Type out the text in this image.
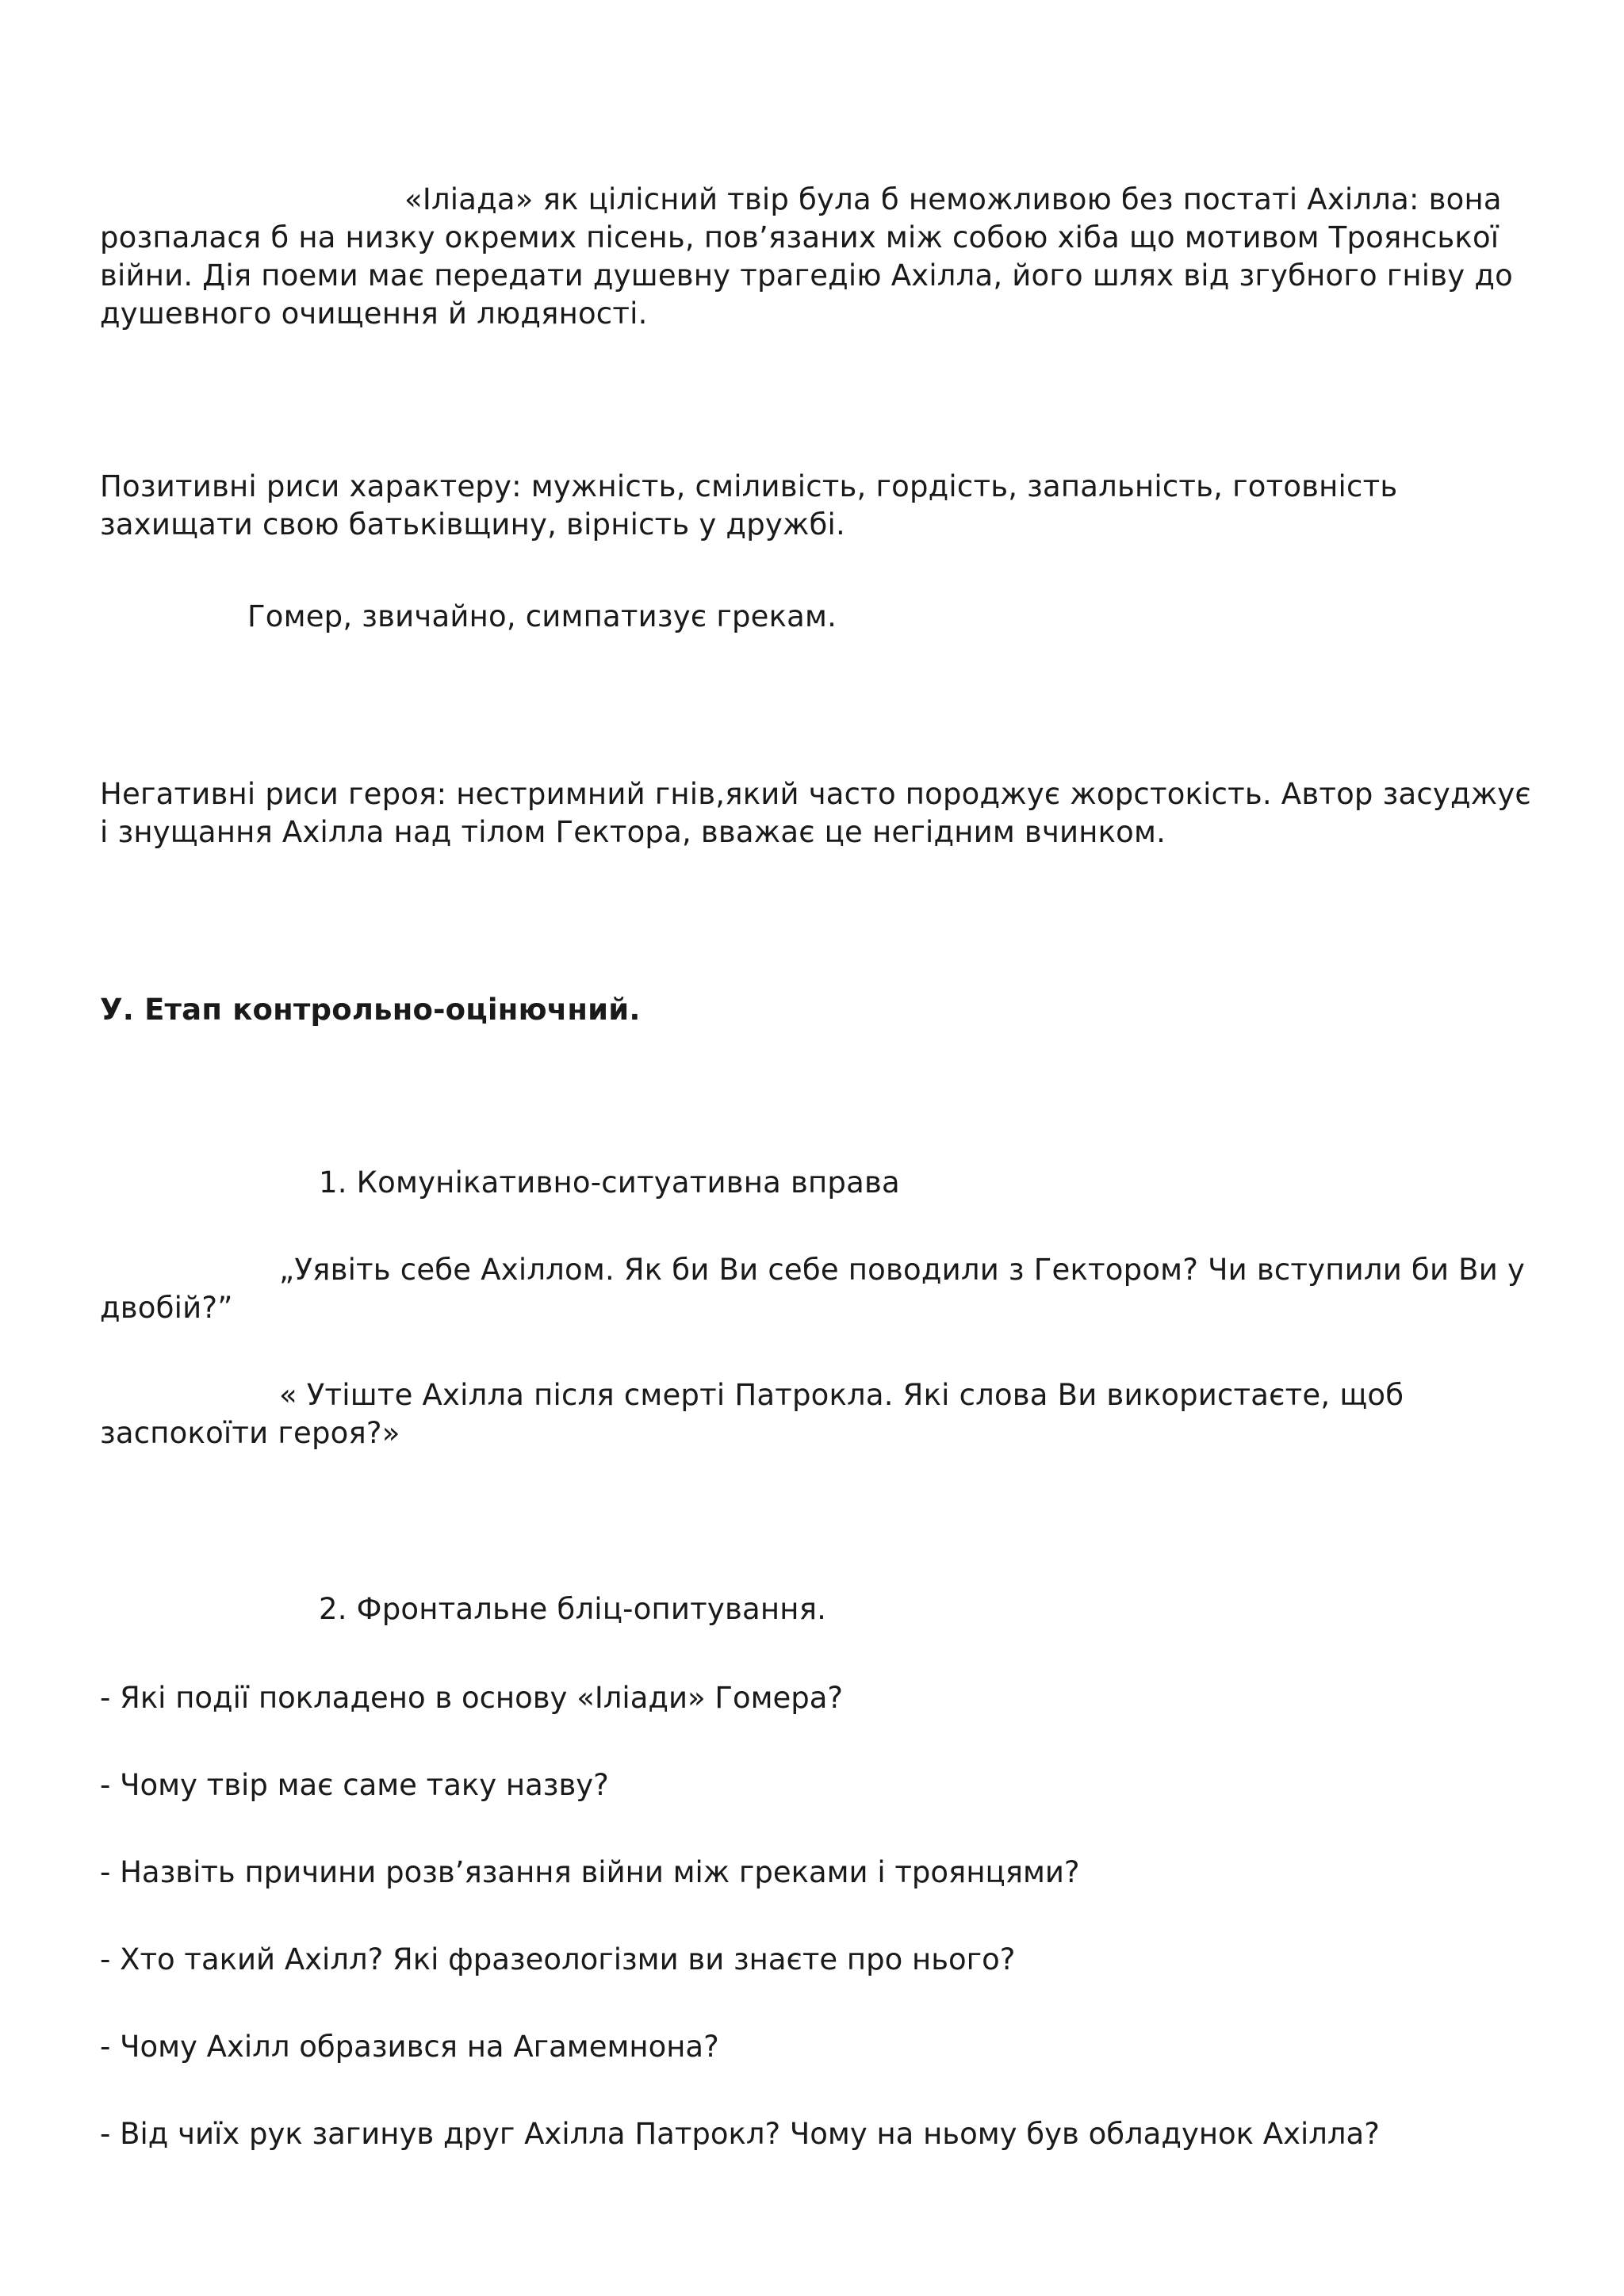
«Іліада» як цілісний твір була б неможливою без постаті Ахілла: вона розпалася б на низку окремих пісень, пов’язаних між собою хіба що мотивом Троянської війни. Дія поеми має передати душевну трагедію Ахілла, його шлях від згубного гніву до душевного очищення й людяності.

Позитивні риси характеру: мужність, сміливість, гордість, запальність, готовність захищати свою батьківщину, вірність у дружбі.

Гомер, звичайно, симпатизує грекам.

Негативні риси героя: нестримний гнів,який часто породжує жорстокість. Автор засуджує і знущання Ахілла над тілом Гектора, вважає це негідним вчинком.

У. Етап контрольно-оцінючний.

1. Комунікативно-ситуативна вправа

„Уявіть себе Ахіллом. Як би Ви себе поводили з Гектором? Чи вступили би Ви у двобій?”

« Утіште Ахілла після смерті Патрокла. Які слова Ви використаєте, щоб заспокоїти героя?»

2. Фронтальне бліц-опитування.

- Які події покладено в основу «Іліади» Гомера?

- Чому твір має саме таку назву?

- Назвіть причини розв’язання війни між греками і троянцями?

- Хто такий Ахілл? Які фразеологізми ви знаєте про нього?

- Чому Ахілл образився на Агамемнона?

- Від чиїх рук загинув друг Ахілла Патрокл? Чому на ньому був обладунок Ахілла?
